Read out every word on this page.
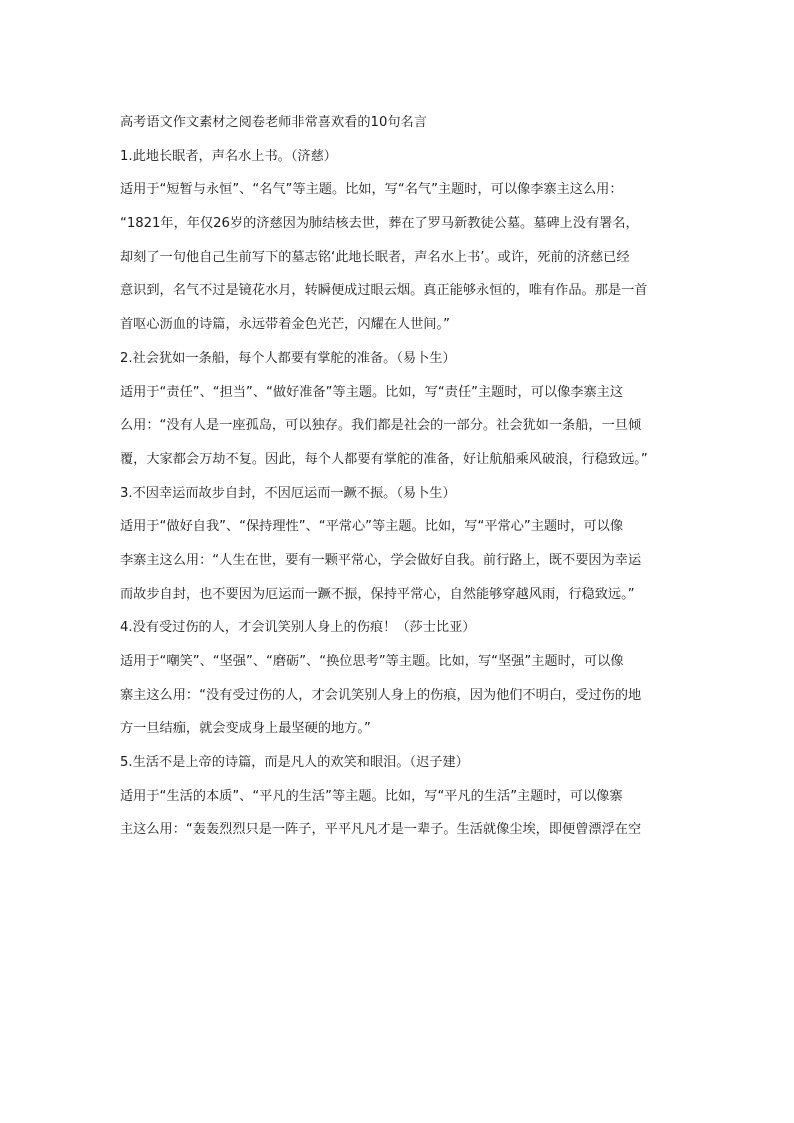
高考语文作文素材之阅卷老师非常喜欢看的10句名言
1.此地长眠者，声名水上书。（济慈）
适用于“短暂与永恒”、“名气”等主题。比如，写“名气”主题时，可以像李寨主这么用：
“1821年，年仅26岁的济慈因为肺结核去世，葬在了罗马新教徒公墓。墓碑上没有署名，
却刻了一句他自己生前写下的墓志铭‘此地长眠者，声名水上书’。或许，死前的济慈已经
意识到，名气不过是镜花水月，转瞬便成过眼云烟。真正能够永恒的，唯有作品。那是一首
首呕心沥血的诗篇，永远带着金色光芒，闪耀在人世间。”
2.社会犹如一条船，每个人都要有掌舵的准备。（易卜生）
适用于“责任”、“担当”、“做好准备”等主题。比如，写“责任”主题时，可以像李寨主这
么用：“没有人是一座孤岛，可以独存。我们都是社会的一部分。社会犹如一条船，一旦倾
覆，大家都会万劫不复。因此，每个人都要有掌舵的准备，好让航船乘风破浪，行稳致远。”
3.不因幸运而故步自封，不因厄运而一蹶不振。（易卜生）
适用于“做好自我”、“保持理性”、“平常心”等主题。比如，写“平常心”主题时，可以像
李寨主这么用：“人生在世，要有一颗平常心，学会做好自我。前行路上，既不要因为幸运
而故步自封，也不要因为厄运而一蹶不振，保持平常心，自然能够穿越风雨，行稳致远。”
4.没有受过伤的人，才会讥笑别人身上的伤痕！（莎士比亚）
适用于“嘲笑”、“坚强”、“磨砺”、“换位思考”等主题。比如，写“坚强”主题时，可以像
寨主这么用：“没有受过伤的人，才会讥笑别人身上的伤痕，因为他们不明白，受过伤的地
方一旦结痂，就会变成身上最坚硬的地方。”
5.生活不是上帝的诗篇，而是凡人的欢笑和眼泪。（迟子建）
适用于“生活的本质”、“平凡的生活”等主题。比如，写“平凡的生活”主题时，可以像寨
主这么用：“轰轰烈烈只是一阵子，平平凡凡才是一辈子。生活就像尘埃，即便曾漂浮在空
